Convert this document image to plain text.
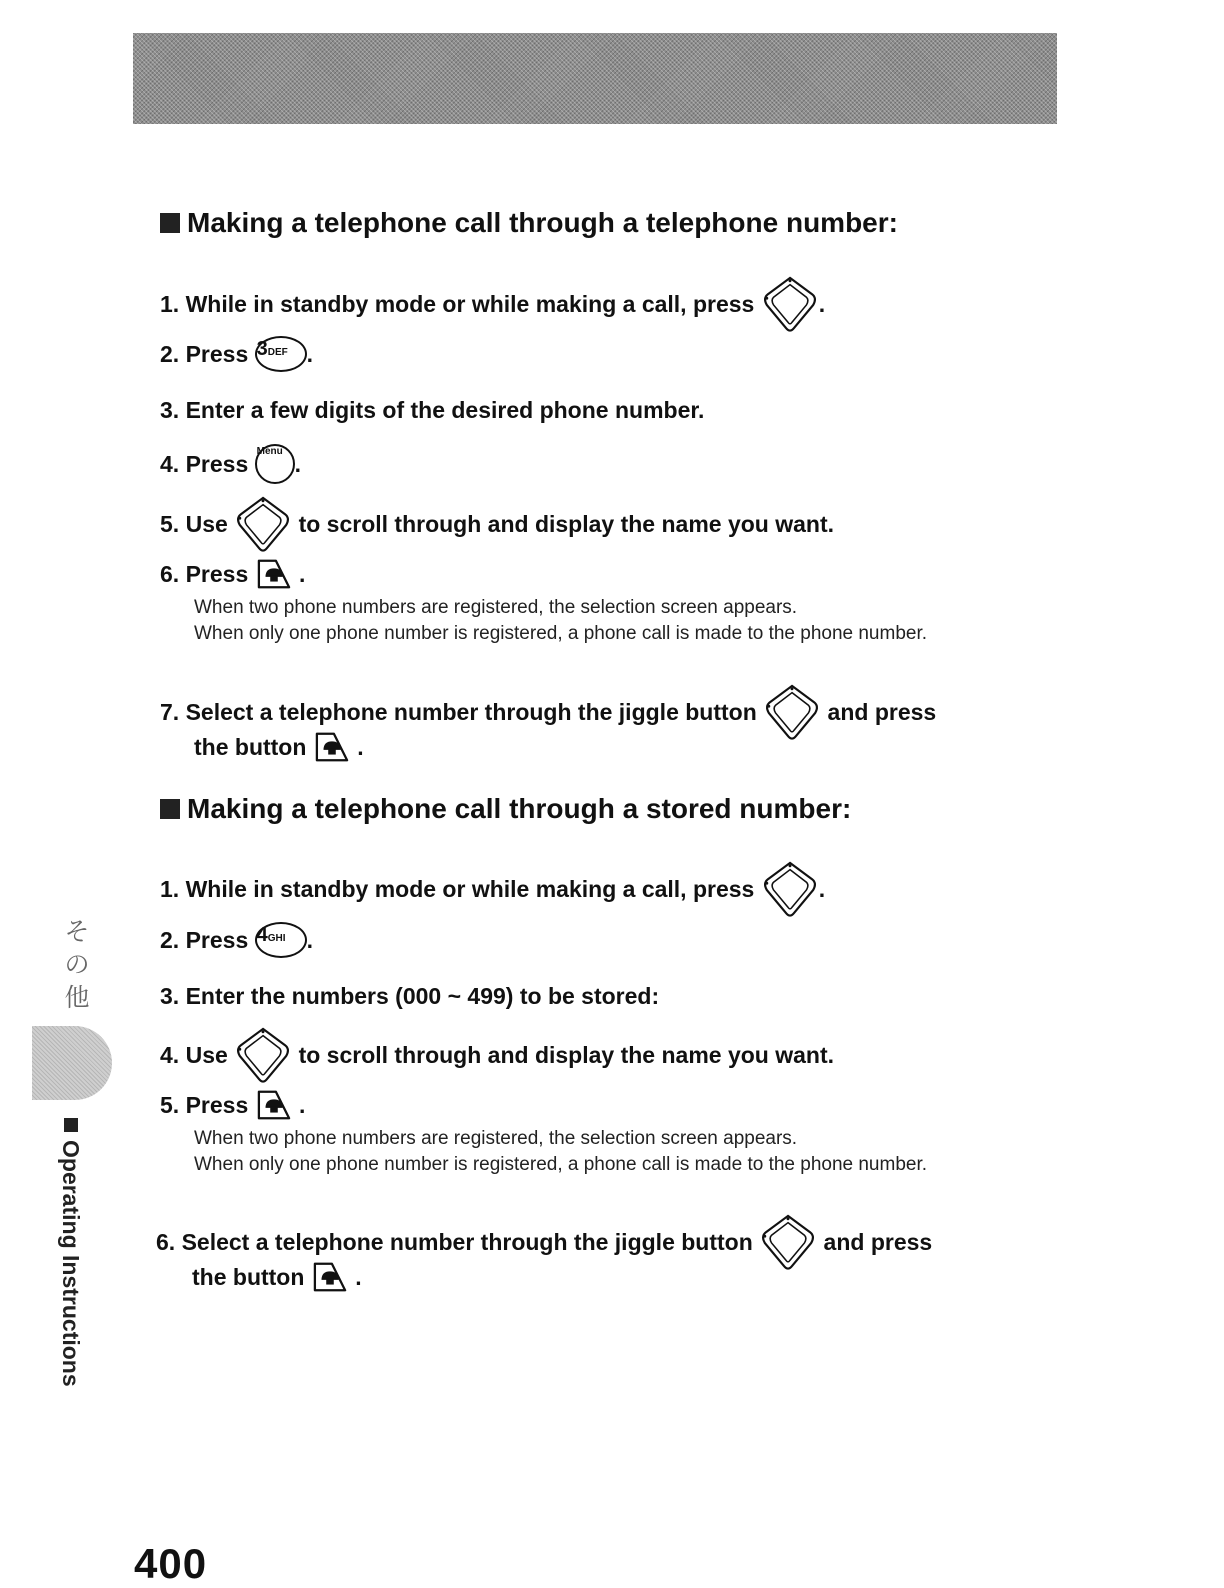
Making a telephone call through a telephone number:
1.
While in standby mode or while making a call, press
	.
2.
Press
3DEF .
3.
Enter a few digits of the desired phone number.
4.
Press
Menu .
5.
Use

	to scroll through and display the name you want.
6.
Press

.
When two phone numbers are registered, the selection screen appears.
When only one phone number is registered, a phone call is made to the phone number.
7.
Select a telephone number through the jiggle button

	and press
the button

.
Making a telephone call through a stored number:
1.
While in standby mode or while making a call, press
	.
2.
Press
4GHI .
3.
Enter the numbers (000 ~ 499) to be stored:
4.
Use

	to scroll through and display the name you want.
5.
Press

.
When two phone numbers are registered, the selection screen appears.
When only one phone number is registered, a phone call is made to the phone number.
6.
Select a telephone number through the jiggle button

	and press
the button

.
そ
の
他
Operating Instructions
400
